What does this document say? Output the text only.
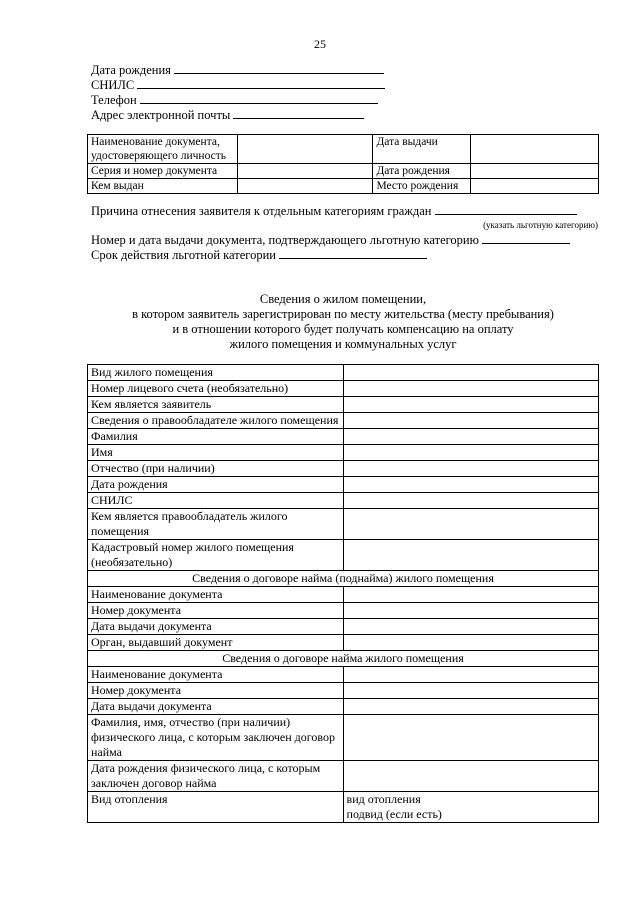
25
Дата рождения
СНИЛС
Телефон
Адрес электронной почты
Наименование документа, удостоверяющего личность		Дата выдачи	
Серия и номер документа		Дата рождения	
Кем выдан		Место рождения	
Причина отнесения заявителя к отдельным категориям граждан
(указать льготную категорию)
Номер и дата выдачи документа, подтверждающего льготную категорию
Срок действия льготной категории
Сведения о жилом помещении,
в котором заявитель зарегистрирован по месту жительства (месту пребывания)
и в отношении которого будет получать компенсацию на оплату
жилого помещения и коммунальных услуг
Вид жилого помещения	
Номер лицевого счета (необязательно)	
Кем является заявитель	
Сведения о правообладателе жилого помещения	
Фамилия	
Имя	
Отчество (при наличии)	
Дата рождения	
СНИЛС	
Кем является правообладатель жилого помещения	
Кадастровый номер жилого помещения (необязательно)	
Сведения о договоре найма (поднайма) жилого помещения	
Наименование документа	
Номер документа	
Дата выдачи документа	
Орган, выдавший документ	
Сведения о договоре найма жилого помещения	
Наименование документа	
Номер документа	
Дата выдачи документа	
Фамилия, имя, отчество (при наличии) физического лица, с которым заключен договор найма	
Дата рождения физического лица, с которым заключен договор найма	
Вид отопления	вид отопления
подвид (если есть)
